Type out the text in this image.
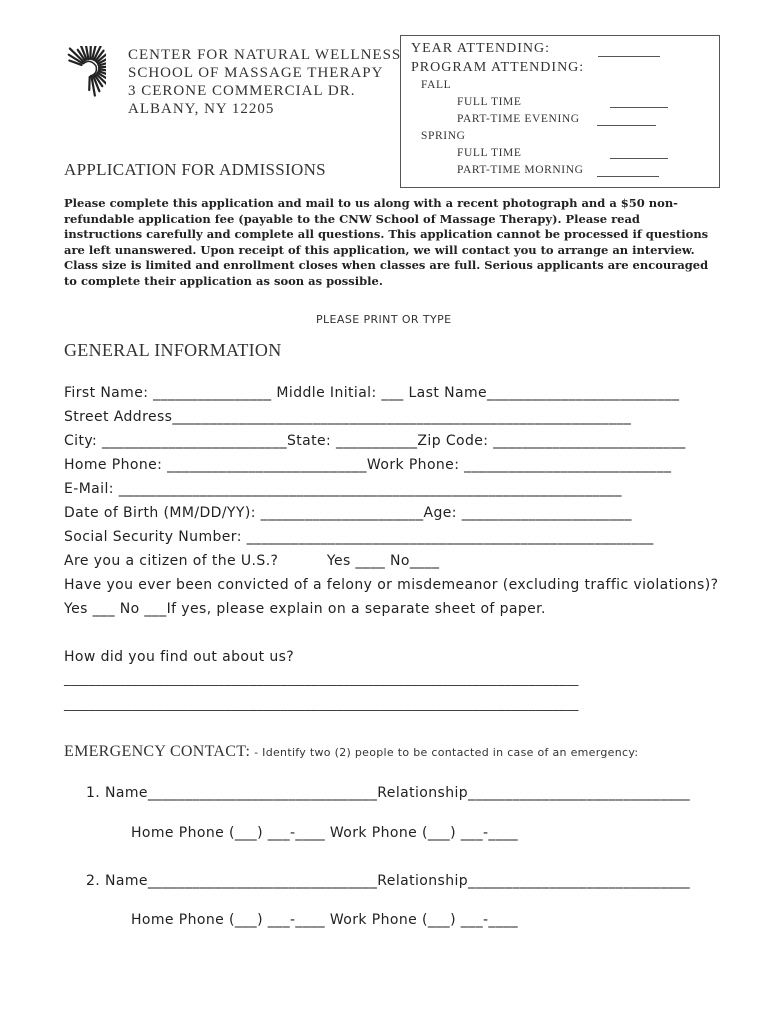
CENTER FOR NATURAL WELLNESS
SCHOOL OF MASSAGE THERAPY
3 CERONE COMMERCIAL DR.
ALBANY, NY 12205
APPLICATION FOR ADMISSIONS
YEAR ATTENDING:
PROGRAM ATTENDING:
FALL
FULL TIME
PART-TIME EVENING
SPRING
FULL TIME
PART-TIME MORNING
Please complete this application and mail to us along with a recent photograph and a $50 non-refundable application fee (payable to the CNW School of Massage Therapy). Please read instructions carefully and complete all questions. This application cannot be processed if questions are left unanswered. Upon receipt of this application, we will contact you to arrange an interview. Class size is limited and enrollment closes when classes are full. Serious applicants are encouraged to complete their application as soon as possible.
PLEASE PRINT OR TYPE
GENERAL INFORMATION
First Name: ________________ Middle Initial: ___ Last Name__________________________
Street Address______________________________________________________________
City: _________________________State: ___________Zip Code: __________________________
Home Phone: ___________________________Work Phone: ____________________________
E-Mail: ____________________________________________________________________
Date of Birth (MM/DD/YY): ______________________Age: _______________________
Social Security Number: _______________________________________________________
Are you a citizen of the U.S.?          Yes ____ No____
Have you ever been convicted of a felony or misdemeanor (excluding traffic violations)?
Yes ___ No ___If yes, please explain on a separate sheet of paper.
How did you find out about us?
___________________________________________________________________________________
___________________________________________________________________________________
EMERGENCY CONTACT: - Identify two (2) people to be contacted in case of an emergency:
1. Name_______________________________Relationship______________________________
Home Phone (___) ___-____ Work Phone (___) ___-____
2. Name_______________________________Relationship______________________________
Home Phone (___) ___-____ Work Phone (___) ___-____
